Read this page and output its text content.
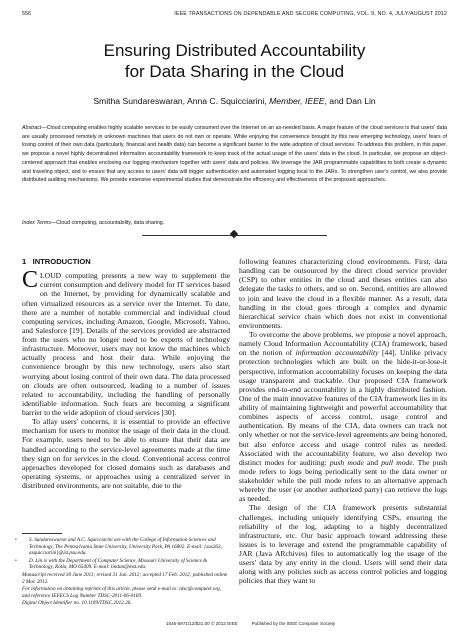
556	IEEE TRANSACTIONS ON DEPENDABLE AND SECURE COMPUTING, VOL. 9, NO. 4, JULY/AUGUST 2012
Ensuring Distributed Accountability
for Data Sharing in the Cloud
Smitha Sundareswaran, Anna C. Squicciarini, Member, IEEE, and Dan Lin
Abstract—Cloud computing enables highly scalable services to be easily consumed over the Internet on an as-needed basis. A major feature of the cloud services is that users' data are usually processed remotely in unknown machines that users do not own or operate. While enjoying the convenience brought by this new emerging technology, users' fears of losing control of their own data (particularly, financial and health data) can become a significant barrier to the wide adoption of cloud services. To address this problem, in this paper, we propose a novel highly decentralized information accountability framework to keep track of the actual usage of the users' data in the cloud. In particular, we propose an object-centered approach that enables enclosing our logging mechanism together with users' data and policies. We leverage the JAR programmable capabilities to both create a dynamic and traveling object, and to ensure that any access to users' data will trigger authentication and automated logging local to the JARs. To strengthen user's control, we also provide distributed auditing mechanisms. We provide extensive experimental studies that demonstrate the efficiency and effectiveness of the proposed approaches.
Index Terms—Cloud computing, accountability, data sharing.
1 INTRODUCTION

CLOUD computing presents a new way to supplement the current consumption and delivery model for IT services based on the Internet, by providing for dynamically scalable and often virtualized resources as a service over the Internet. To date, there are a number of notable commercial and individual cloud computing services, including Amazon, Google, Microsoft, Yahoo, and Salesforce [19]. Details of the services provided are abstracted from the users who no longer need to be experts of technology infrastructure. Moreover, users may not know the machines which actually process and host their data. While enjoying the convenience brought by this new technology, users also start worrying about losing control of their own data. The data processed on clouds are often outsourced, leading to a number of issues related to accountability, including the handling of personally identifiable information. Such fears are becoming a significant barrier to the wide adoption of cloud services [30].

To allay users' concerns, it is essential to provide an effective mechanism for users to monitor the usage of their data in the cloud. For example, users need to be able to ensure that their data are handled according to the service-level agreements made at the time they sign on for services in the cloud. Conventional access control approaches developed for closed domains such as databases and operating systems, or approaches using a centralized server in distributed environments, are not suitable, due to the

• S. Sundareswaran and A.C. Squicciarini are with the College of Information Sciences and Technology, The Pennsylvania State University, University Park, PA 16802. E-mail: {sus263, asquicciarini}@ist.psu.edu.

• D. Lin is with the Department of Computer Science, Missouri University of Science & Technology, Rolla, MO 65409. E-mail: lindan@mst.edu.

Manuscript received 30 June 2011; revised 31 Jan. 2012; accepted 17 Feb. 2012; published online 2 Mar. 2012.

For information on obtaining reprints of this article, please send e-mail to: tdsc@computer.org, and reference IEEECS Log Number TDSC-2011-06-0169.

Digital Object Identifier no. 10.1109/TDSC.2012.26.

following features characterizing cloud environments. First, data handling can be outsourced by the direct cloud service provider (CSP) to other entities in the cloud and theses entities can also delegate the tasks to others, and so on. Second, entities are allowed to join and leave the cloud in a flexible manner. As a result, data handling in the cloud goes through a complex and dynamic hierarchical service chain which does not exist in conventional environments.

To overcome the above problems, we propose a novel approach, namely Cloud Information Accountability (CIA) framework, based on the notion of information accountability [44]. Unlike privacy protection technologies which are built on the hide-it-or-lose-it perspective, information accountability focuses on keeping the data usage transparent and trackable. Our proposed CIA framework provides end-to-end accountability in a highly distributed fashion. One of the main innovative features of the CIA framework lies in its ability of maintaining lightweight and powerful accountability that combines aspects of access control, usage control and authentication. By means of the CIA, data owners can track not only whether or not the service-level agreements are being honored, but also enforce access and usage control rules as needed. Associated with the accountability feature, we also develop two distinct modes for auditing: push mode and pull mode. The push mode refers to logs being periodically sent to the data owner or stakeholder while the pull mode refers to an alternative approach whereby the user (or another authorized party) can retrieve the logs as needed.

The design of the CIA framework presents substantial challenges, including uniquely identifying CSPs, ensuring the reliability of the log, adapting to a highly decentralized infrastructure, etc. Our basic approach toward addressing these issues is to leverage and extend the programmable capability of JAR (Java ARchives) files to automatically log the usage of the users' data by any entity in the cloud. Users will send their data along with any policies such as access control policies and logging policies that they want to

1545-5971/12/$31.00 © 2012 IEEE	Published by the IEEE Computer Society
